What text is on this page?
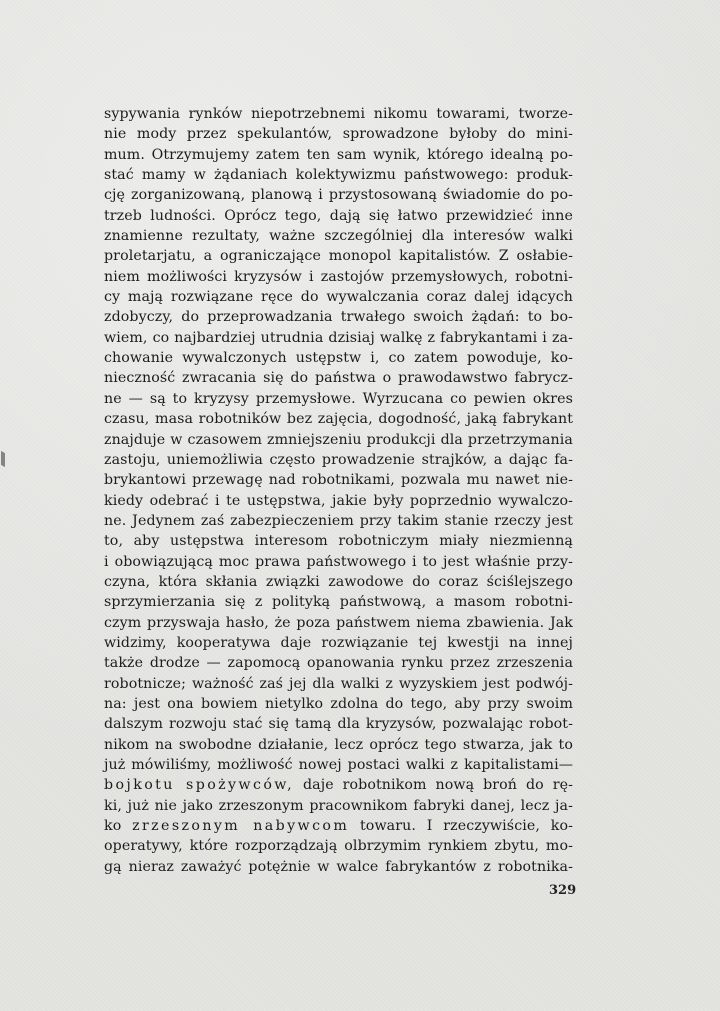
sypywania rynków niepotrzebnemi nikomu towarami, tworze-
nie mody przez spekulantów, sprowadzone byłoby do mini-
mum. Otrzymujemy zatem ten sam wynik, którego idealną po-
stać mamy w żądaniach kolektywizmu państwowego: produk-
cję zorganizowaną, planową i przystosowaną świadomie do po-
trzeb ludności. Oprócz tego, dają się łatwo przewidzieć inne
znamienne rezultaty, ważne szczególniej dla interesów walki
proletarjatu, a ograniczające monopol kapitalistów. Z osłabie-
niem możliwości kryzysów i zastojów przemysłowych, robotni-
cy mają rozwiązane ręce do wywalczania coraz dalej idących
zdobyczy, do przeprowadzania trwałego swoich żądań: to bo-
wiem, co najbardziej utrudnia dzisiaj walkę z fabrykantami i za-
chowanie wywalczonych ustępstw i, co zatem powoduje, ko-
nieczność zwracania się do państwa o prawodawstwo fabrycz-
ne — są to kryzysy przemysłowe. Wyrzucana co pewien okres
czasu, masa robotników bez zajęcia, dogodność, jaką fabrykant
znajduje w czasowem zmniejszeniu produkcji dla przetrzymania
zastoju, uniemożliwia często prowadzenie strajków, a dając fa-
brykantowi przewagę nad robotnikami, pozwala mu nawet nie-
kiedy odebrać i te ustępstwa, jakie były poprzednio wywalczo-
ne. Jedynem zaś zabezpieczeniem przy takim stanie rzeczy jest
to, aby ustępstwa interesom robotniczym miały niezmienną
i obowiązującą moc prawa państwowego i to jest właśnie przy-
czyna, która skłania związki zawodowe do coraz ściślejszego
sprzymierzania się z polityką państwową, a masom robotni-
czym przyswaja hasło, że poza państwem niema zbawienia. Jak
widzimy, kooperatywa daje rozwiązanie tej kwestji na innej
także drodze — zapomocą opanowania rynku przez zrzeszenia
robotnicze; ważność zaś jej dla walki z wyzyskiem jest podwój-
na: jest ona bowiem nietylko zdolna do tego, aby przy swoim
dalszym rozwoju stać się tamą dla kryzysów, pozwalając robot-
nikom na swobodne działanie, lecz oprócz tego stwarza, jak to
już mówiliśmy, możliwość nowej postaci walki z kapitalistami—
bojkotu spożywców, daje robotnikom nową broń do rę-
ki, już nie jako zrzeszonym pracownikom fabryki danej, lecz ja-
ko zrzeszonym nabywcom towaru. I rzeczywiście, ko-
operatywy, które rozporządzają olbrzymim rynkiem zbytu, mo-
gą nieraz zaważyć potężnie w walce fabrykantów z robotnika-
329
